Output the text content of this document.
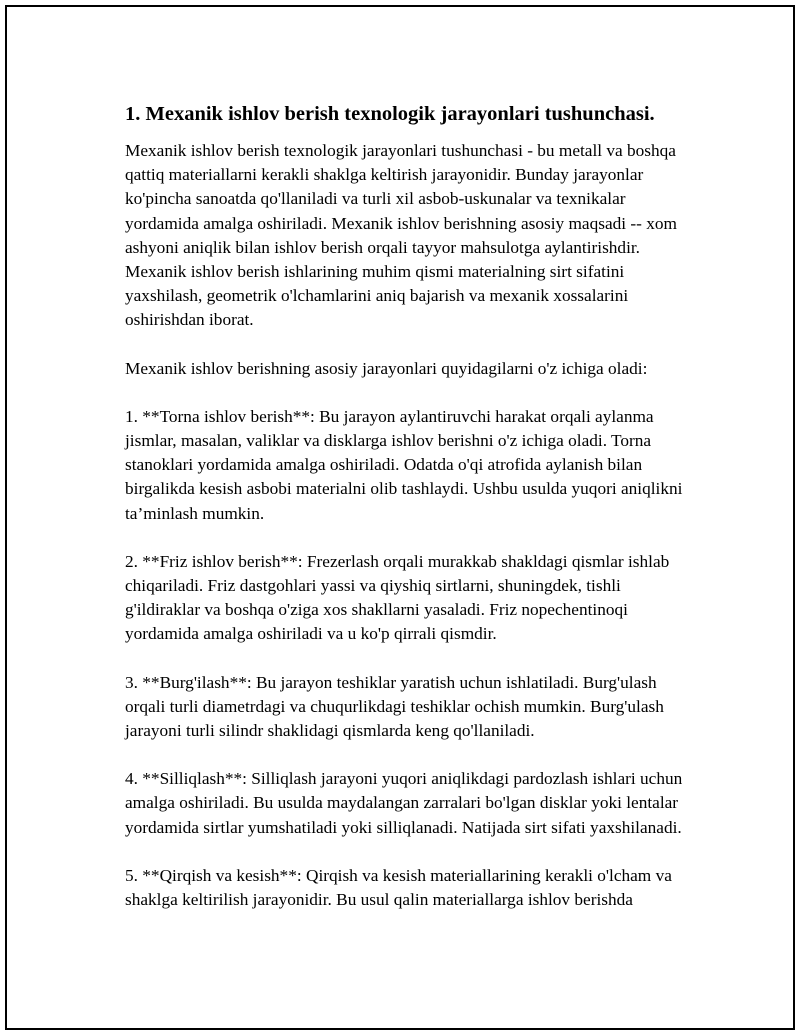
1. Mexanik ishlov berish texnologik jarayonlari tushunchasi.

Mexanik ishlov berish texnologik jarayonlari tushunchasi - bu metall va boshqa qattiq materiallarni kerakli shaklga keltirish jarayonidir. Bunday jarayonlar ko'pincha sanoatda qo'llaniladi va turli xil asbob-uskunalar va texnikalar yordamida amalga oshiriladi. Mexanik ishlov berishning asosiy maqsadi -- xom ashyoni aniqlik bilan ishlov berish orqali tayyor mahsulotga aylantirishdir. Mexanik ishlov berish ishlarining muhim qismi materialning sirt sifatini yaxshilash, geometrik o'lchamlarini aniq bajarish va mexanik xossalarini oshirishdan iborat.

Mexanik ishlov berishning asosiy jarayonlari quyidagilarni o'z ichiga oladi:

1. **Torna ishlov berish**: Bu jarayon aylantiruvchi harakat orqali aylanma jismlar, masalan, valiklar va disklarga ishlov berishni o'z ichiga oladi. Torna stanoklari yordamida amalga oshiriladi. Odatda o'qi atrofida aylanish bilan birgalikda kesish asbobi materialni olib tashlaydi. Ushbu usulda yuqori aniqlikni ta’minlash mumkin.

2. **Friz ishlov berish**: Frezerlash orqali murakkab shakldagi qismlar ishlab chiqariladi. Friz dastgohlari yassi va qiyshiq sirtlarni, shuningdek, tishli g'ildiraklar va boshqa o'ziga xos shakllarni yasaladi. Friz nopechentinoqi yordamida amalga oshiriladi va u ko'p qirrali qismdir.

3. **Burg'ilash**: Bu jarayon teshiklar yaratish uchun ishlatiladi. Burg'ulash orqali turli diametrdagi va chuqurlikdagi teshiklar ochish mumkin. Burg'ulash jarayoni turli silindr shaklidagi qismlarda keng qo'llaniladi.

4. **Silliqlash**: Silliqlash jarayoni yuqori aniqlikdagi pardozlash ishlari uchun amalga oshiriladi. Bu usulda maydalangan zarralari bo'lgan disklar yoki lentalar yordamida sirtlar yumshatiladi yoki silliqlanadi. Natijada sirt sifati yaxshilanadi.

5. **Qirqish va kesish**: Qirqish va kesish materiallarining kerakli o'lcham va shaklga keltirilish jarayonidir. Bu usul qalin materiallarga ishlov berishda
